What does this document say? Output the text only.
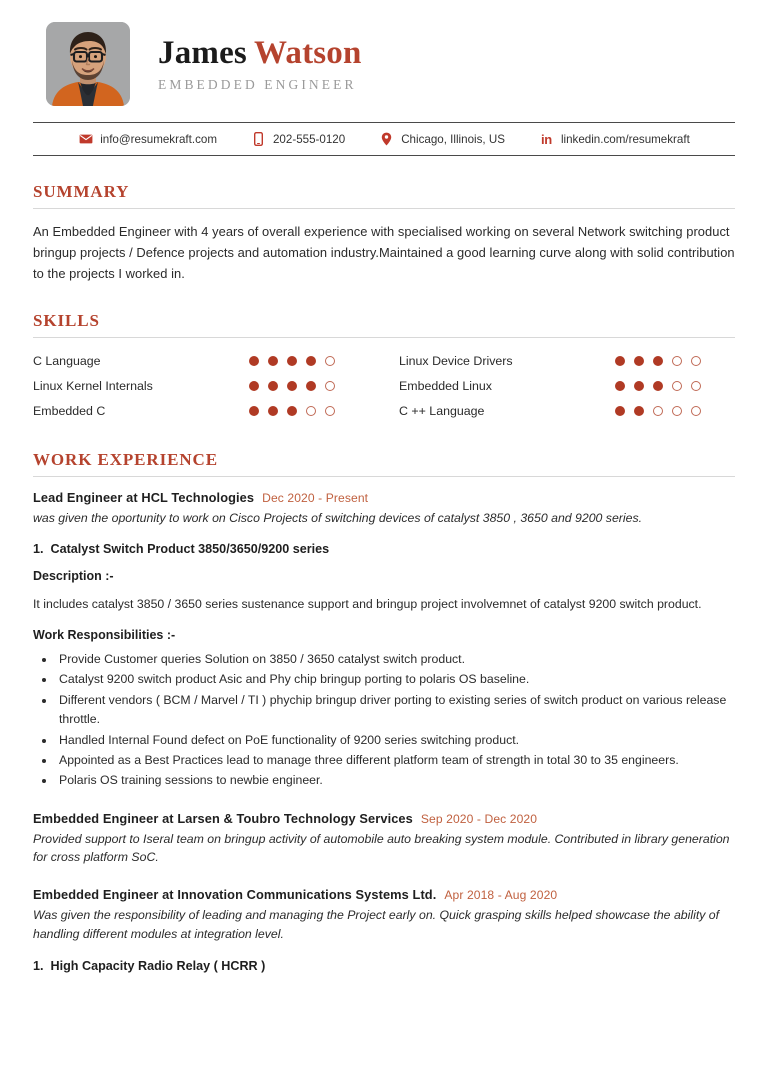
James Watson
EMBEDDED ENGINEER
info@resumekraft.com	202-555-0120	Chicago, Illinois, US	in linkedin.com/resumekraft
SUMMARY
An Embedded Engineer with 4 years of overall experience with specialised working on several Network switching product bringup projects / Defence projects and automation industry.Maintained a good learning curve along with solid contribution to the projects I worked in.
SKILLS
C Language	Linux Device Drivers
Linux Kernel Internals	Embedded Linux
Embedded C	C ++ Language
WORK EXPERIENCE
Lead Engineer at HCL Technologies Dec 2020 - Present
was given the oportunity to work on Cisco Projects of switching devices of catalyst 3850 , 3650 and 9200 series.
1. Catalyst Switch Product 3850/3650/9200 series
Description :-
It includes catalyst 3850 / 3650 series sustenance support and bringup project involvemnet of catalyst 9200 switch product.
Work Responsibilities :-
• Provide Customer queries Solution on 3850 / 3650 catalyst switch product.
• Catalyst 9200 switch product Asic and Phy chip bringup porting to polaris OS baseline.
• Different vendors ( BCM / Marvel / TI ) phychip bringup driver porting to existing series of switch product on various release throttle.
• Handled Internal Found defect on PoE functionality of 9200 series switching product.
• Appointed as a Best Practices lead to manage three different platform team of strength in total 30 to 35 engineers.
• Polaris OS training sessions to newbie engineer.
Embedded Engineer at Larsen & Toubro Technology Services Sep 2020 - Dec 2020
Provided support to Iseral team on bringup activity of automobile auto breaking system module. Contributed in library generation for cross platform SoC.
Embedded Engineer at Innovation Communications Systems Ltd. Apr 2018 - Aug 2020
Was given the responsibility of leading and managing the Project early on. Quick grasping skills helped showcase the ability of handling different modules at integration level.
1. High Capacity Radio Relay ( HCRR )
